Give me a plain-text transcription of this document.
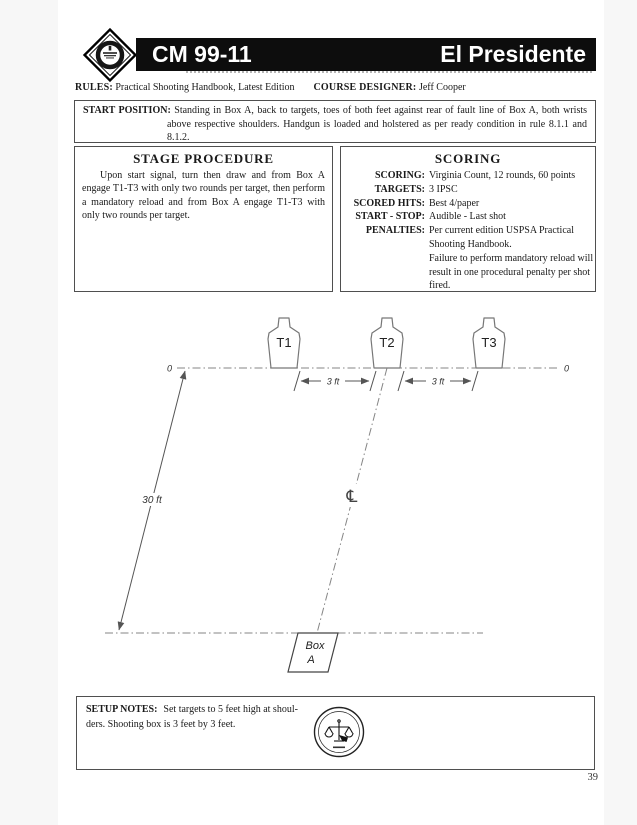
CM 99-11	El Presidente
RULES: Practical Shooting Handbook, Latest Edition COURSE DESIGNER: Jeff Cooper
START POSITION: Standing in Box A, back to targets, toes of both feet against rear of fault line of Box A, both wrists above respective shoulders. Handgun is loaded and holstered as per ready condition in rule 8.1.1 and 8.1.2.
STAGE PROCEDURE

Upon start signal, turn then draw and from Box A engage T1-T3 with only two rounds per target, then perform a mandatory reload and from Box A engage T1-T3 with only two rounds per target.

SCORING
SCORING: Virginia Count, 12 rounds, 60 points
TARGETS: 3 IPSC
SCORED HITS: Best 4/paper
START - STOP: Audible - Last shot
PENALTIES: Per current edition USPSA Practical Shooting Handbook.
Failure to perform mandatory reload will result in one procedural penalty per shot fired.
0	0
T1	T2	T3
3 ft	3 ft
30 ft	℄
Box
A
SETUP NOTES: Set targets to 5 feet high at shoul-
ders. Shooting box is 3 feet by 3 feet.
39
